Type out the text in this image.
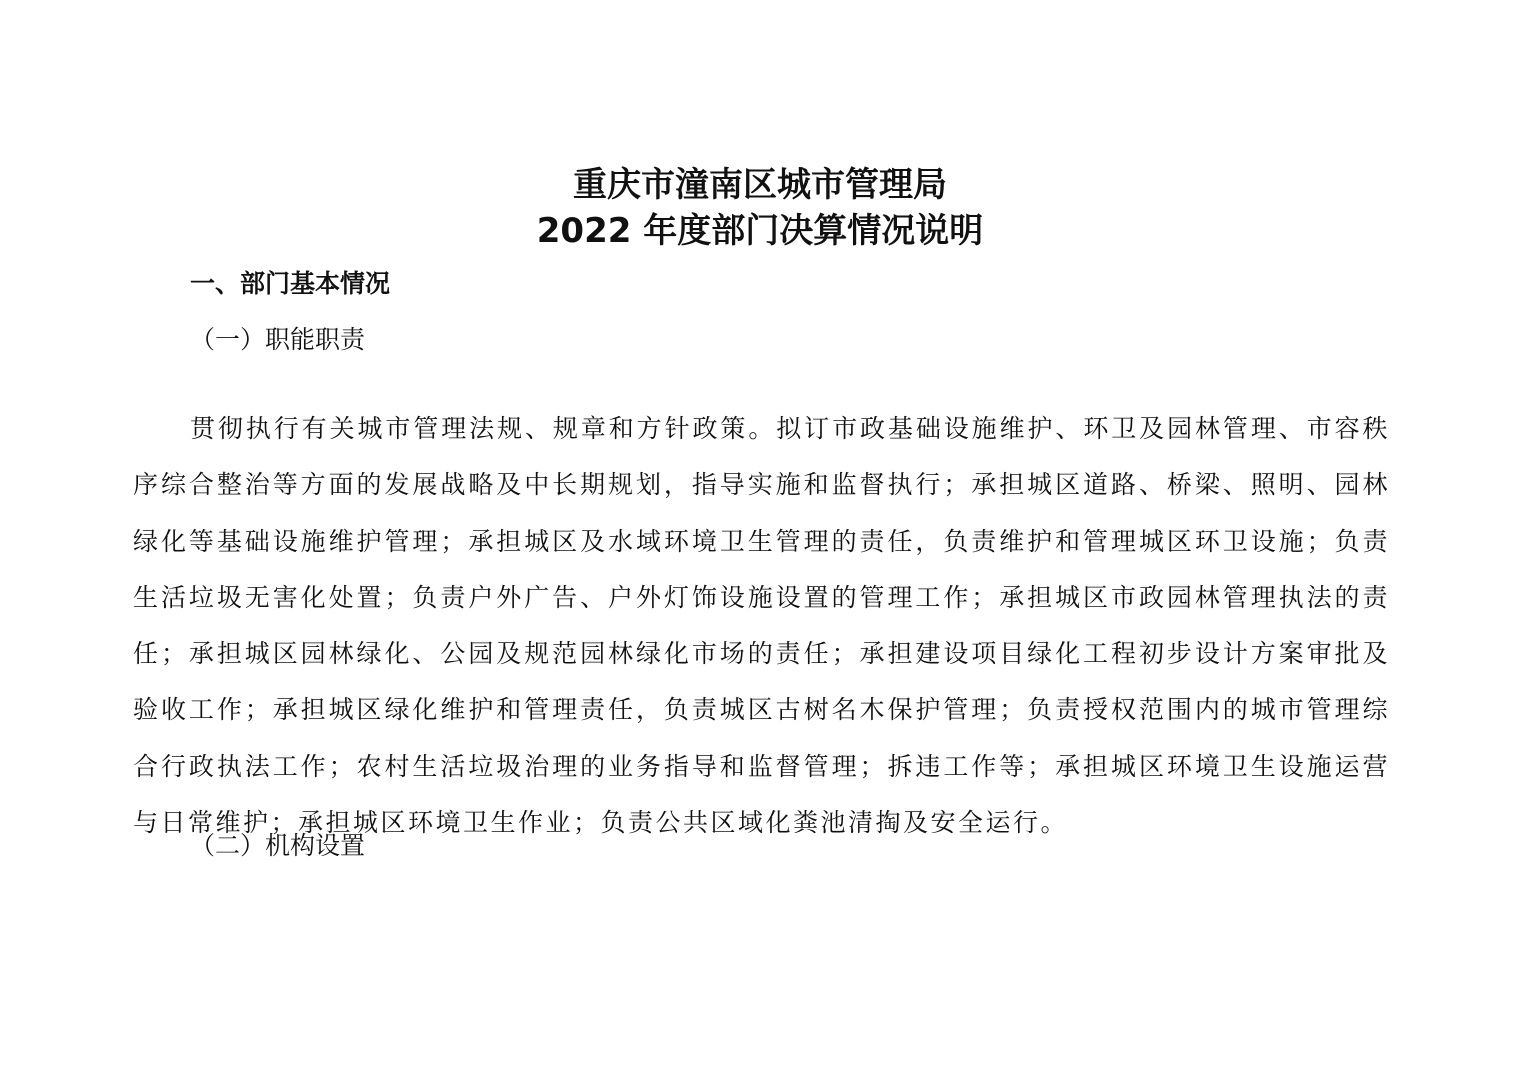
重庆市潼南区城市管理局
2022 年度部门决算情况说明
一、部门基本情况
（一）职能职责

贯彻执行有关城市管理法规、规章和方针政策。拟订市政基础设施维护、环卫及园林管理、市容秩序综合整治等方面的发展战略及中长期规划，指导实施和监督执行；承担城区道路、桥梁、照明、园林绿化等基础设施维护管理；承担城区及水域环境卫生管理的责任，负责维护和管理城区环卫设施；负责生活垃圾无害化处置；负责户外广告、户外灯饰设施设置的管理工作；承担城区市政园林管理执法的责任；承担城区园林绿化、公园及规范园林绿化市场的责任；承担建设项目绿化工程初步设计方案审批及验收工作；承担城区绿化维护和管理责任，负责城区古树名木保护管理；负责授权范围内的城市管理综合行政执法工作；农村生活垃圾治理的业务指导和监督管理；拆违工作等；承担城区环境卫生设施运营与日常维护；承担城区环境卫生作业；负责公共区域化粪池清掏及安全运行。

（二）机构设置
